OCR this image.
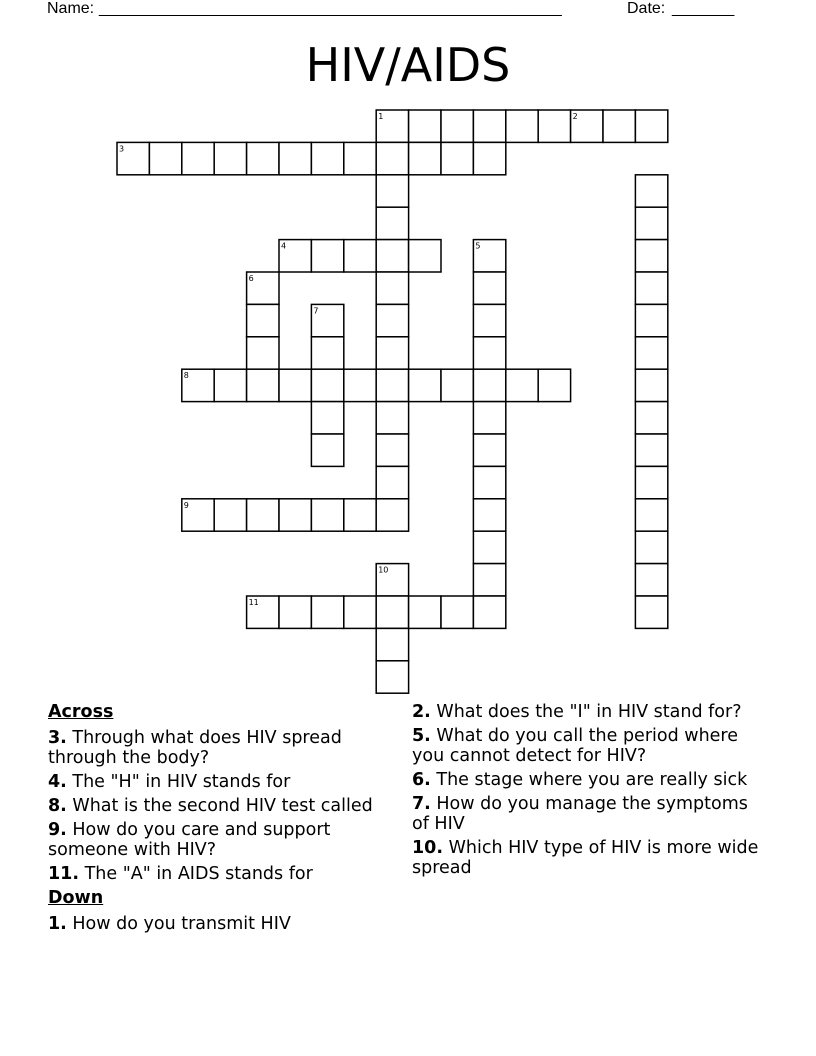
Name: ____________________________________________________	Date: _______
HIV/AIDS
1	2
3
4	5
6
7
8
9
10
11
Across
3. Through what does HIV spread through the body?
4. The "H" in HIV stands for
8. What is the second HIV test called
9. How do you care and support someone with HIV?
11. The "A" in AIDS stands for
Down
1. How do you transmit HIV
2. What does the "I" in HIV stand for?
5. What do you call the period where you cannot detect for HIV?
6. The stage where you are really sick
7. How do you manage the symptoms of HIV
10. Which HIV type of HIV is more wide spread
